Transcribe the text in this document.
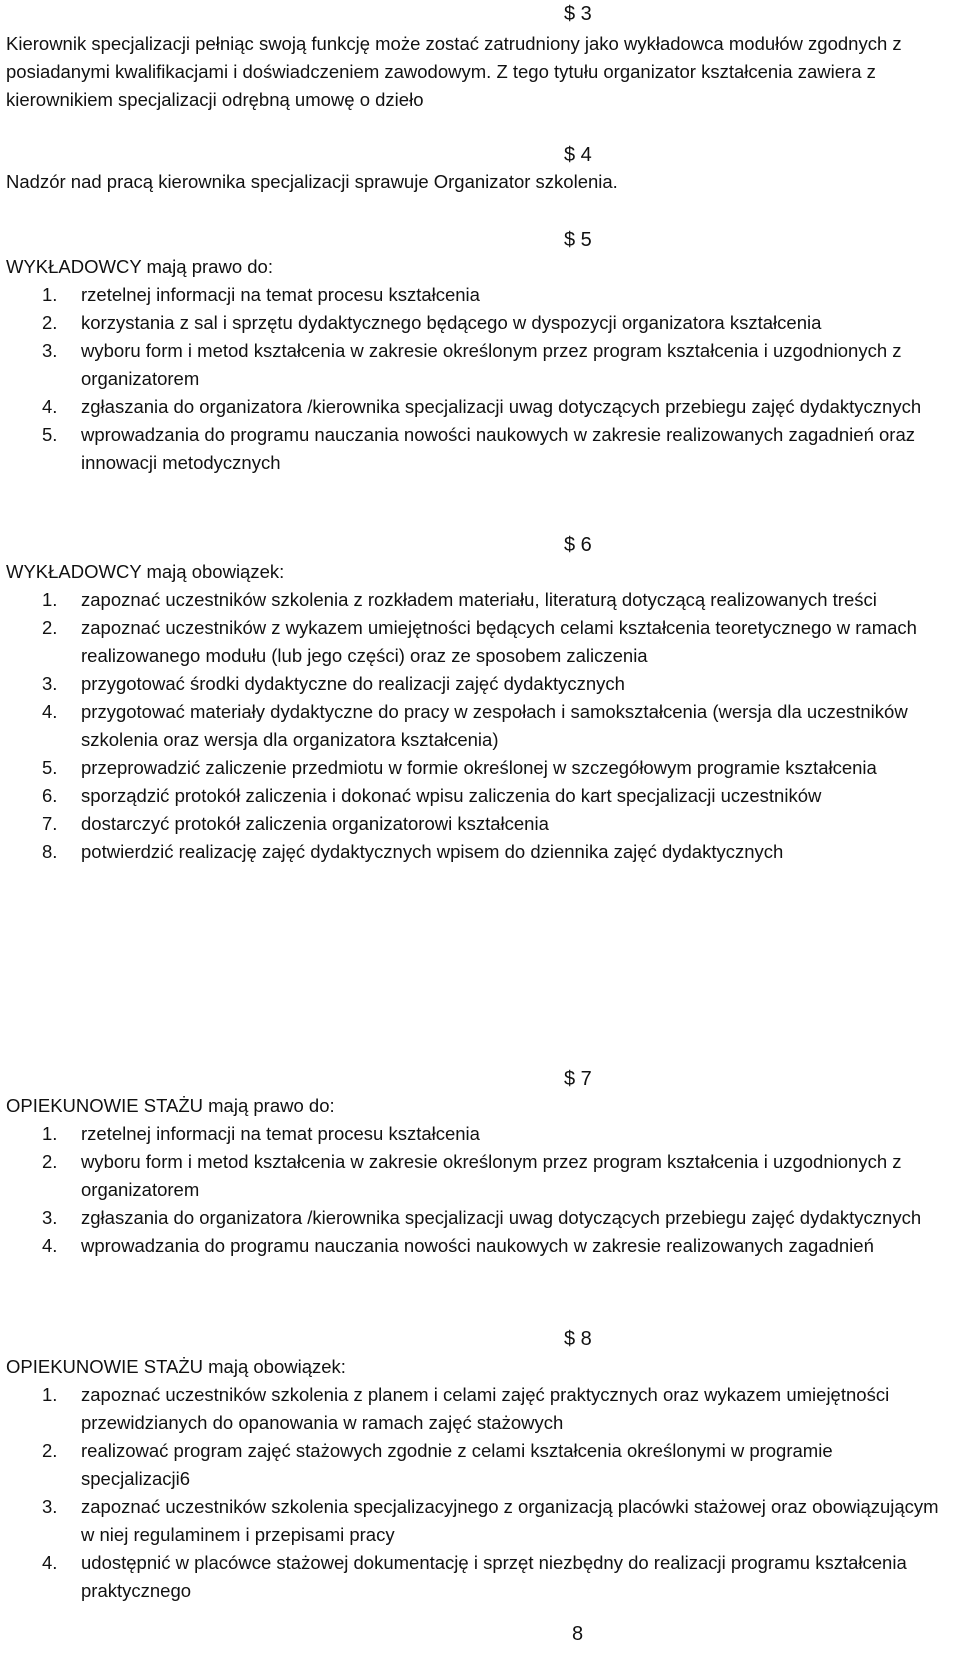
$ 3

Kierownik specjalizacji pełniąc swoją funkcję może zostać zatrudniony jako wykładowca modułów zgodnych z posiadanymi kwalifikacjami i doświadczeniem zawodowym. Z tego tytułu organizator kształcenia zawiera z kierownikiem specjalizacji odrębną umowę o dzieło

$ 4

Nadzór nad pracą kierownika specjalizacji sprawuje Organizator szkolenia.

$ 5
WYKŁADOWCY mają prawo do:
1. rzetelnej informacji na temat procesu kształcenia
2. korzystania z sal i sprzętu dydaktycznego będącego w dyspozycji organizatora kształcenia
3. wyboru form i metod kształcenia w zakresie określonym przez program kształcenia i uzgodnionych z organizatorem
4. zgłaszania do organizatora /kierownika specjalizacji uwag dotyczących przebiegu zajęć dydaktycznych
5. wprowadzania do programu nauczania nowości naukowych w zakresie realizowanych zagadnień oraz innowacji metodycznych
$ 6
WYKŁADOWCY mają obowiązek:
1. zapoznać uczestników szkolenia z rozkładem materiału, literaturą dotyczącą realizowanych treści
2. zapoznać uczestników z wykazem umiejętności będących celami kształcenia teoretycznego w ramach realizowanego modułu (lub jego części) oraz ze sposobem zaliczenia
3. przygotować środki dydaktyczne do realizacji zajęć dydaktycznych
4. przygotować materiały dydaktyczne do pracy w zespołach i samokształcenia (wersja dla uczestników szkolenia oraz wersja dla organizatora kształcenia)
5. przeprowadzić zaliczenie przedmiotu w formie określonej w szczegółowym programie kształcenia
6. sporządzić protokół zaliczenia i dokonać wpisu zaliczenia do kart specjalizacji uczestników
7. dostarczyć protokół zaliczenia organizatorowi kształcenia
8. potwierdzić realizację zajęć dydaktycznych wpisem do dziennika zajęć dydaktycznych
$ 7
OPIEKUNOWIE STAŻU mają prawo do:
1. rzetelnej informacji na temat procesu kształcenia
2. wyboru form i metod kształcenia w zakresie określonym przez program kształcenia i uzgodnionych z organizatorem
3. zgłaszania do organizatora /kierownika specjalizacji uwag dotyczących przebiegu zajęć dydaktycznych
4. wprowadzania do programu nauczania nowości naukowych w zakresie realizowanych zagadnień
$ 8
OPIEKUNOWIE STAŻU mają obowiązek:
1. zapoznać uczestników szkolenia z planem i celami zajęć praktycznych oraz wykazem umiejętności przewidzianych do opanowania w ramach zajęć stażowych
2. realizować program zajęć stażowych zgodnie z celami kształcenia określonymi w programie specjalizacji6
3. zapoznać uczestników szkolenia specjalizacyjnego z organizacją placówki stażowej oraz obowiązującym w niej regulaminem i przepisami pracy
4. udostępnić w placówce stażowej dokumentację i sprzęt niezbędny do realizacji programu kształcenia praktycznego
8
